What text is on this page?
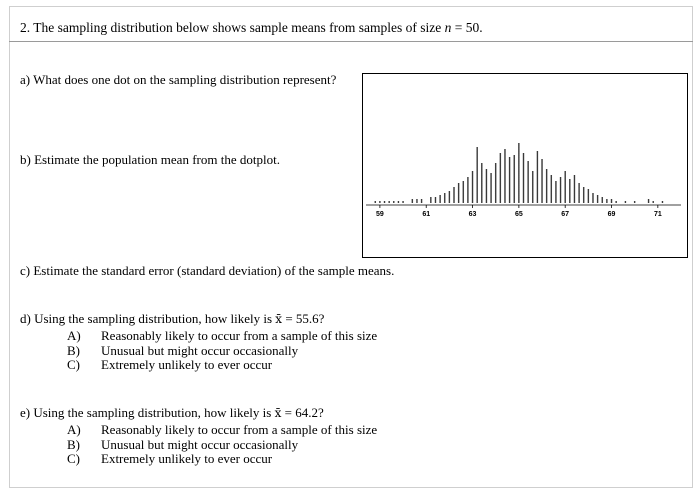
2. The sampling distribution below shows sample means from samples of size n = 50.
a) What does one dot on the sampling distribution represent?
b) Estimate the population mean from the dotplot.
59	61	63	65	67	69	71
c) Estimate the standard error (standard deviation) of the sample means.
d) Using the sampling distribution, how likely is x̄ = 55.6?
A) Reasonably likely to occur from a sample of this size
B) Unusual but might occur occasionally
C) Extremely unlikely to ever occur
e) Using the sampling distribution, how likely is x̄ = 64.2?
A) Reasonably likely to occur from a sample of this size
B) Unusual but might occur occasionally
C) Extremely unlikely to ever occur
